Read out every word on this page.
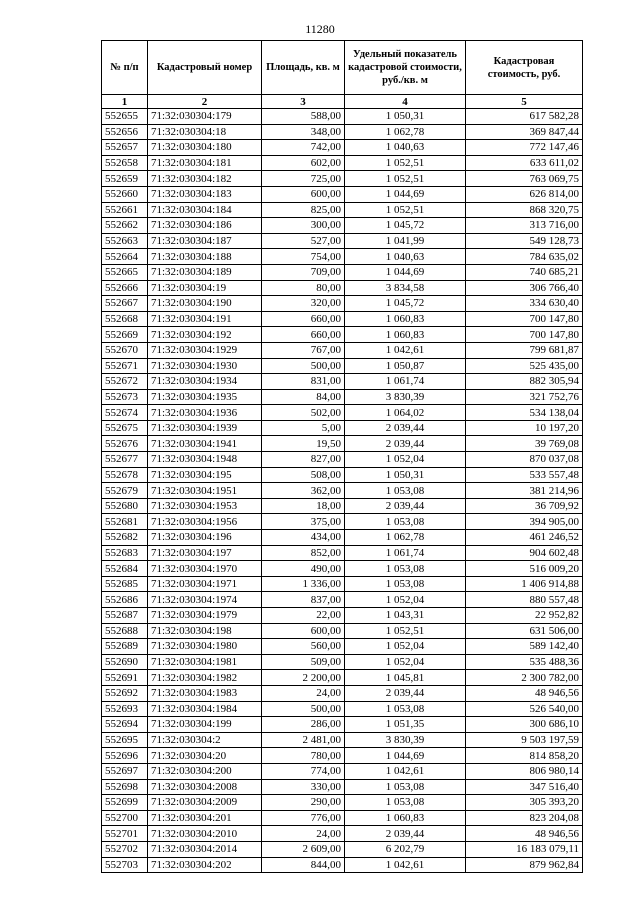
11280
№ п/п	Кадастровый номер	Площадь, кв. м	Удельный показатель кадастровой стоимости, руб./кв. м	Кадастровая стоимость, руб.
1	2	3	4	5
552655	71:32:030304:179	588,00	1 050,31	617 582,28
552656	71:32:030304:18	348,00	1 062,78	369 847,44
552657	71:32:030304:180	742,00	1 040,63	772 147,46
552658	71:32:030304:181	602,00	1 052,51	633 611,02
552659	71:32:030304:182	725,00	1 052,51	763 069,75
552660	71:32:030304:183	600,00	1 044,69	626 814,00
552661	71:32:030304:184	825,00	1 052,51	868 320,75
552662	71:32:030304:186	300,00	1 045,72	313 716,00
552663	71:32:030304:187	527,00	1 041,99	549 128,73
552664	71:32:030304:188	754,00	1 040,63	784 635,02
552665	71:32:030304:189	709,00	1 044,69	740 685,21
552666	71:32:030304:19	80,00	3 834,58	306 766,40
552667	71:32:030304:190	320,00	1 045,72	334 630,40
552668	71:32:030304:191	660,00	1 060,83	700 147,80
552669	71:32:030304:192	660,00	1 060,83	700 147,80
552670	71:32:030304:1929	767,00	1 042,61	799 681,87
552671	71:32:030304:1930	500,00	1 050,87	525 435,00
552672	71:32:030304:1934	831,00	1 061,74	882 305,94
552673	71:32:030304:1935	84,00	3 830,39	321 752,76
552674	71:32:030304:1936	502,00	1 064,02	534 138,04
552675	71:32:030304:1939	5,00	2 039,44	10 197,20
552676	71:32:030304:1941	19,50	2 039,44	39 769,08
552677	71:32:030304:1948	827,00	1 052,04	870 037,08
552678	71:32:030304:195	508,00	1 050,31	533 557,48
552679	71:32:030304:1951	362,00	1 053,08	381 214,96
552680	71:32:030304:1953	18,00	2 039,44	36 709,92
552681	71:32:030304:1956	375,00	1 053,08	394 905,00
552682	71:32:030304:196	434,00	1 062,78	461 246,52
552683	71:32:030304:197	852,00	1 061,74	904 602,48
552684	71:32:030304:1970	490,00	1 053,08	516 009,20
552685	71:32:030304:1971	1 336,00	1 053,08	1 406 914,88
552686	71:32:030304:1974	837,00	1 052,04	880 557,48
552687	71:32:030304:1979	22,00	1 043,31	22 952,82
552688	71:32:030304:198	600,00	1 052,51	631 506,00
552689	71:32:030304:1980	560,00	1 052,04	589 142,40
552690	71:32:030304:1981	509,00	1 052,04	535 488,36
552691	71:32:030304:1982	2 200,00	1 045,81	2 300 782,00
552692	71:32:030304:1983	24,00	2 039,44	48 946,56
552693	71:32:030304:1984	500,00	1 053,08	526 540,00
552694	71:32:030304:199	286,00	1 051,35	300 686,10
552695	71:32:030304:2	2 481,00	3 830,39	9 503 197,59
552696	71:32:030304:20	780,00	1 044,69	814 858,20
552697	71:32:030304:200	774,00	1 042,61	806 980,14
552698	71:32:030304:2008	330,00	1 053,08	347 516,40
552699	71:32:030304:2009	290,00	1 053,08	305 393,20
552700	71:32:030304:201	776,00	1 060,83	823 204,08
552701	71:32:030304:2010	24,00	2 039,44	48 946,56
552702	71:32:030304:2014	2 609,00	6 202,79	16 183 079,11
552703	71:32:030304:202	844,00	1 042,61	879 962,84
